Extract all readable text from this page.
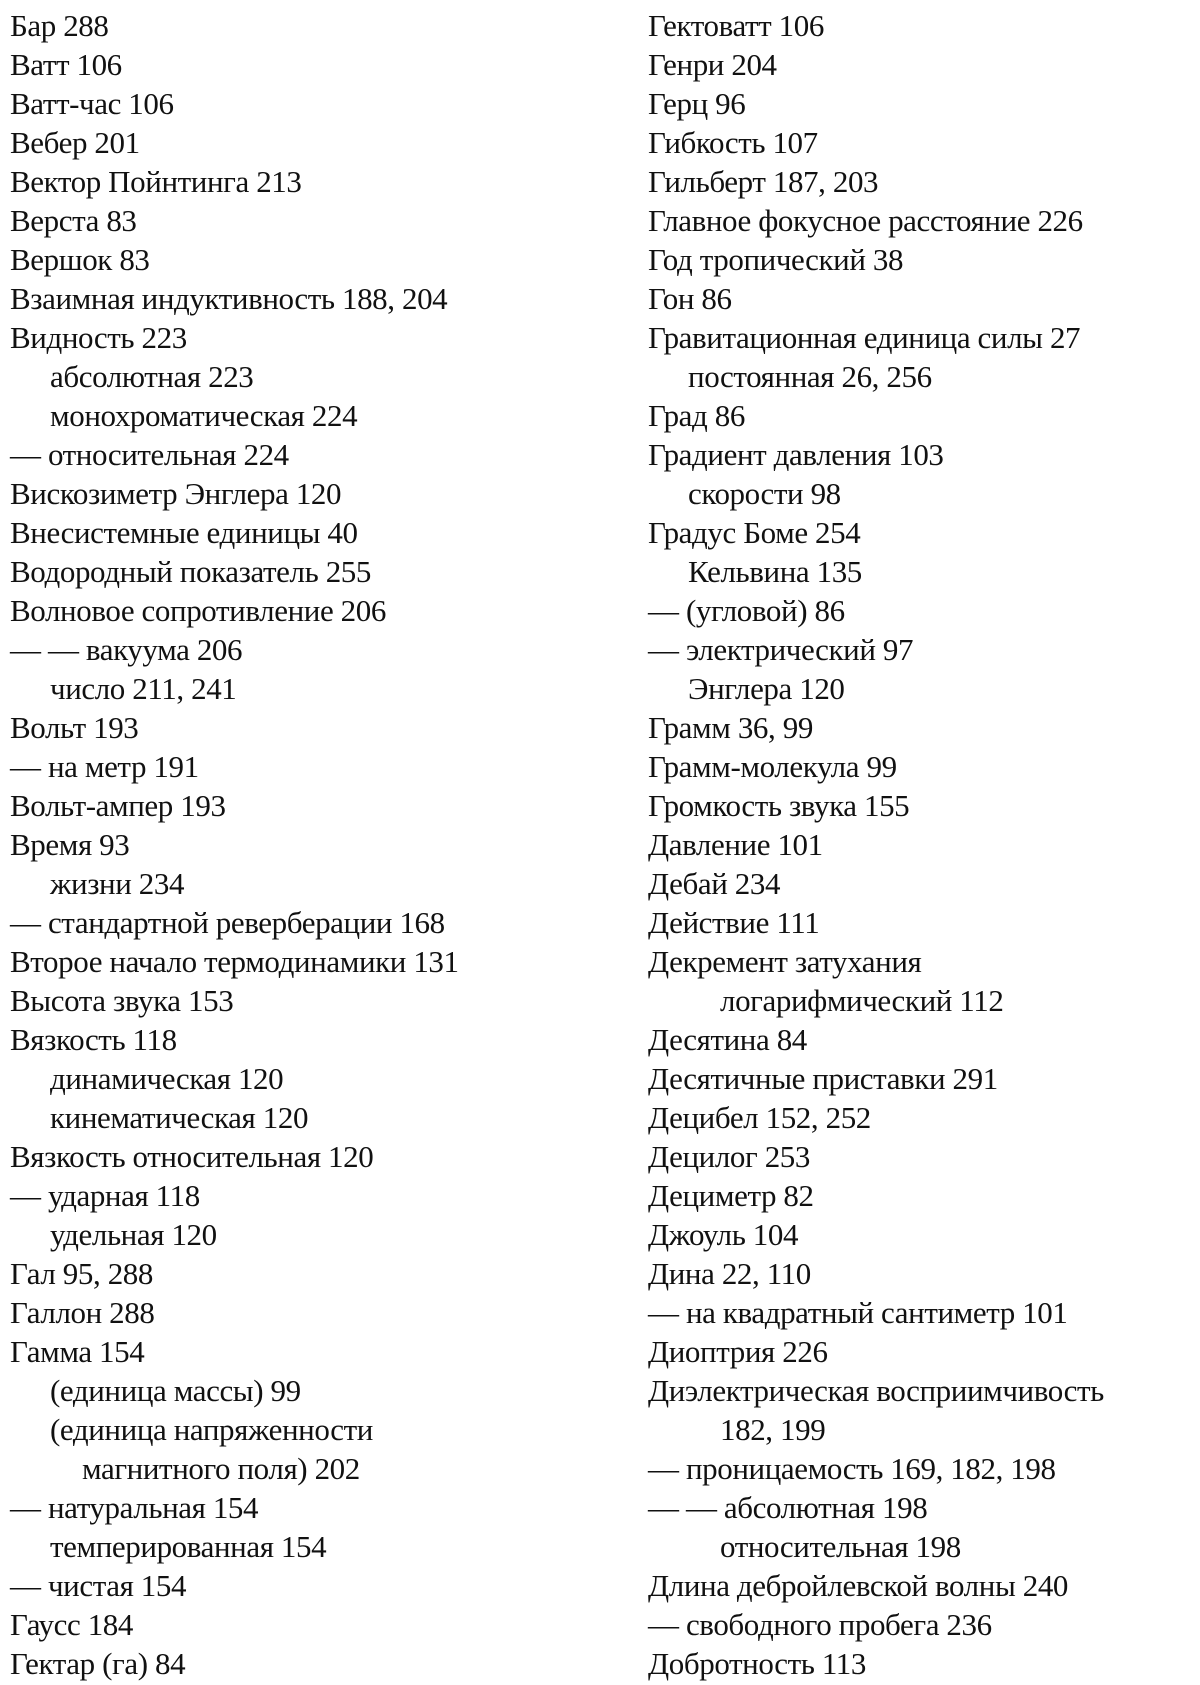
Бар 288
Ватт 106
Ватт-час 106
Вебер 201
Вектор Пойнтинга 213
Верста 83
Вершок 83
Взаимная индуктивность 188, 204
Видность 223
абсолютная 223
монохроматическая 224
— относительная 224
Вискозиметр Энглера 120
Внесистемные единицы 40
Водородный показатель 255
Волновое сопротивление 206
— — вакуума 206
число 211, 241
Вольт 193
— на метр 191
Вольт-ампер 193
Время 93
жизни 234
— стандартной реверберации 168
Второе начало термодинамики 131
Высота звука 153
Вязкость 118
динамическая 120
кинематическая 120
Вязкость относительная 120
— ударная 118
удельная 120
Гал 95, 288
Галлон 288
Гамма 154
(единица массы) 99
(единица напряженности
магнитного поля) 202
— натуральная 154
темперированная 154
— чистая 154
Гаусс 184
Гектар (га) 84
Гектоватт 106
Генри 204
Герц 96
Гибкость 107
Гильберт 187, 203
Главное фокусное расстояние 226
Год тропический 38
Гон 86
Гравитационная единица силы 27
постоянная 26, 256
Град 86
Градиент давления 103
скорости 98
Градус Боме 254
Кельвина 135
— (угловой) 86
— электрический 97
Энглера 120
Грамм 36, 99
Грамм-молекула 99
Громкость звука 155
Давление 101
Дебай 234
Действие 111
Декремент затухания
логарифмический 112
Десятина 84
Десятичные приставки 291
Децибел 152, 252
Децилог 253
Дециметр 82
Джоуль 104
Дина 22, 110
— на квадратный сантиметр 101
Диоптрия 226
Диэлектрическая восприимчивость
182, 199
— проницаемость 169, 182, 198
— — абсолютная 198
относительная 198
Длина дебройлевской волны 240
— свободного пробега 236
Добротность 113
